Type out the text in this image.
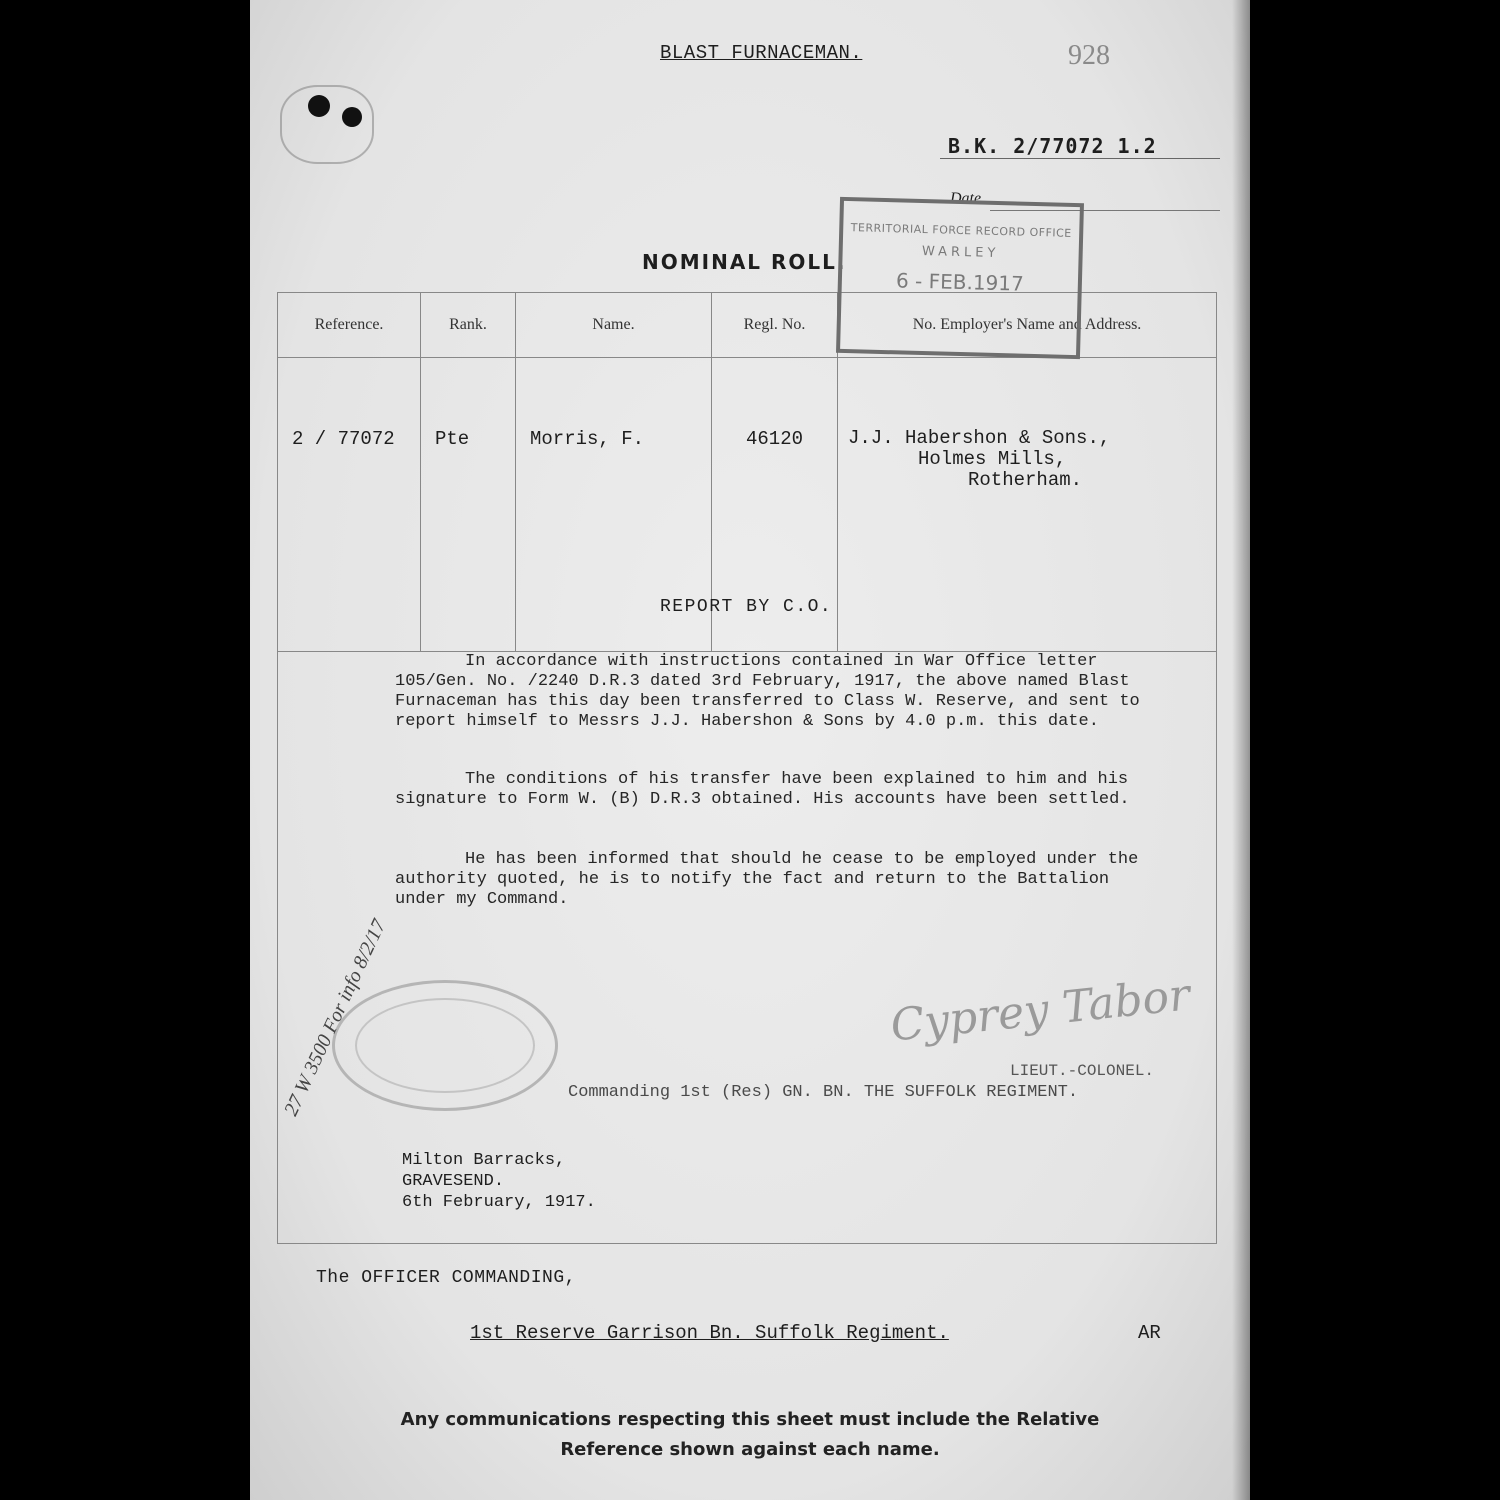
BLAST FURNACEMAN.	928
B.K. 2/77072 1.2
Date
NOMINAL ROLL.
Reference.	Rank.	Name.	Regl. No.	No. Employer's Name and Address.
2 / 77072	Pte	Morris, F.	46120	J.J. Habershon & Sons.,
Holmes Mills,
Rotherham.
TERRITORIAL FORCE RECORD OFFICE
WARLEY
6 - FEB.1917
REPORT BY C.O.
In accordance with instructions contained in War Office letter 105/Gen. No. /2240 D.R.3 dated 3rd February, 1917, the above named Blast Furnaceman has this day been transferred to Class W. Reserve, and sent to report himself to Messrs J.J. Habershon & Sons by 4.0 p.m. this date.
The conditions of his transfer have been explained to him and his signature to Form W. (B) D.R.3 obtained. His accounts have been settled.
He has been informed that should he cease to be employed under the authority quoted, he is to notify the fact and return to the Battalion under my Command.
Cyprey Tabor
LIEUT.-COLONEL.
Commanding 1st (Res) GN. BN. THE SUFFOLK REGIMENT.
27 W 3500 For info 8/2/17
Milton Barracks,
GRAVESEND.
6th February, 1917.
The OFFICER COMMANDING,
1st Reserve Garrison Bn. Suffolk Regiment.	AR
Any communications respecting this sheet must include the Relative
Reference shown against each name.
